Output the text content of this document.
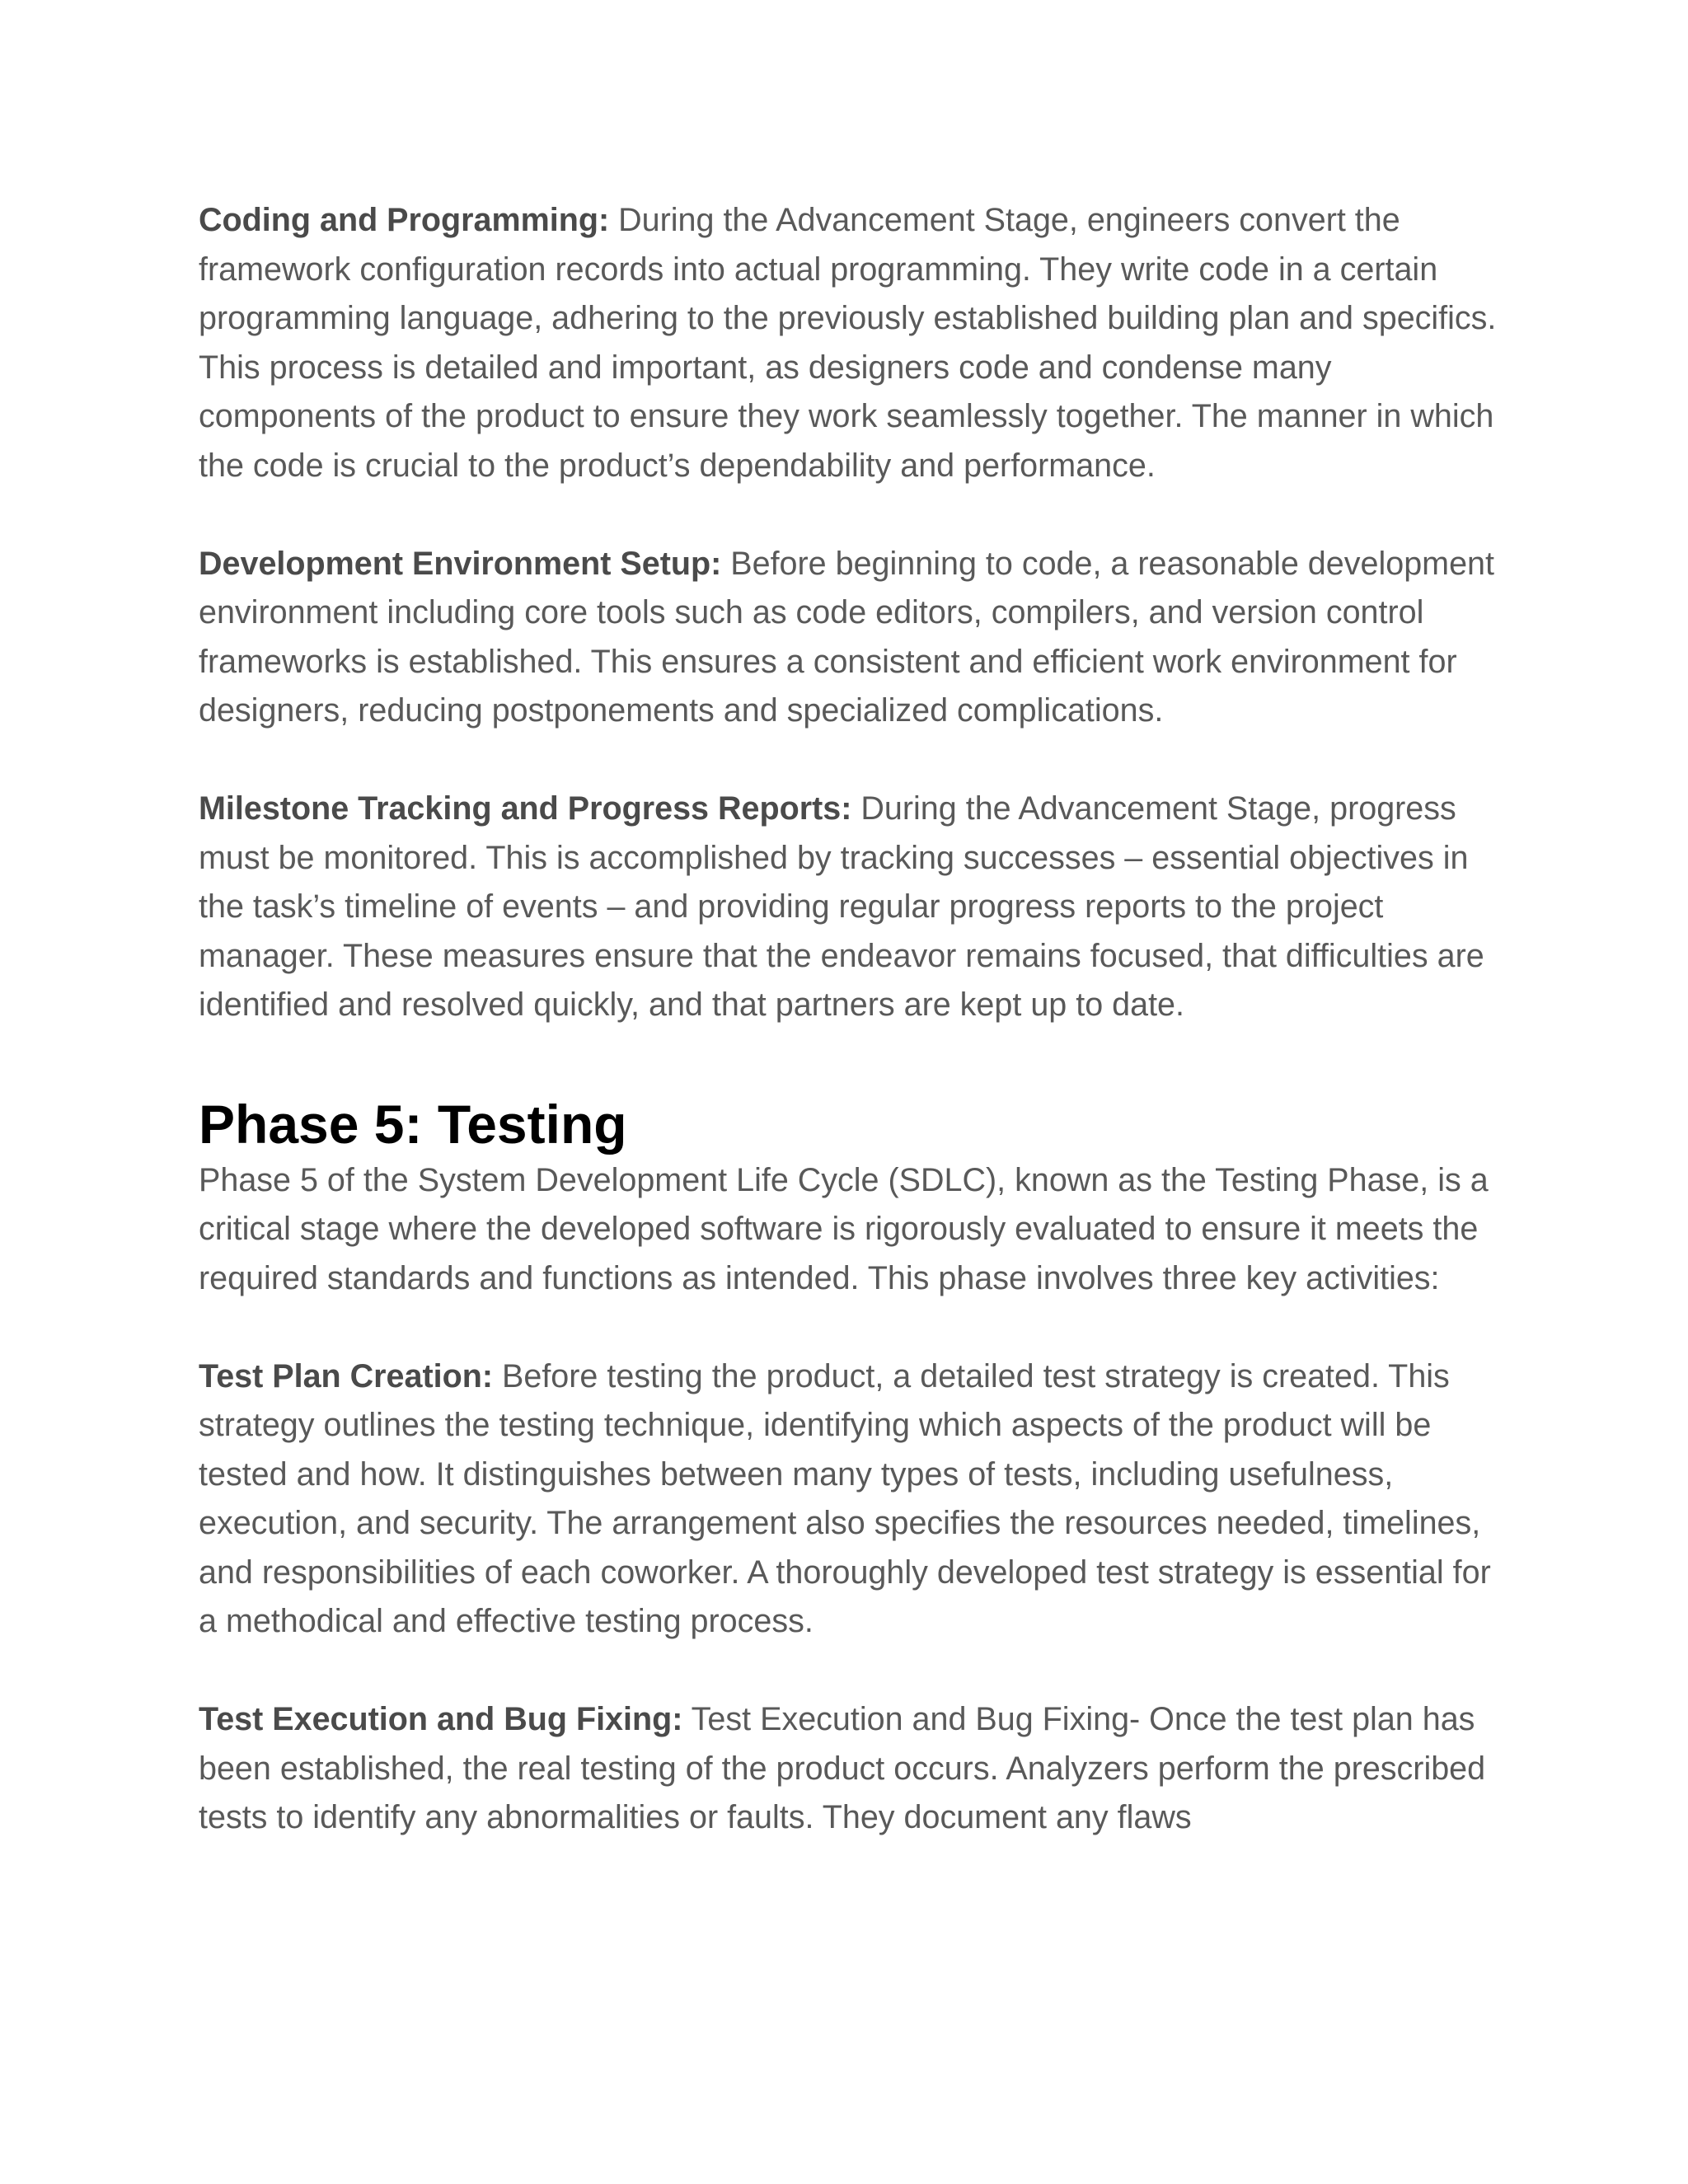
Coding and Programming: During the Advancement Stage, engineers convert the framework configuration records into actual programming. They write code in a certain programming language, adhering to the previously established building plan and specifics. This process is detailed and important, as designers code and condense many components of the product to ensure they work seamlessly together. The manner in which the code is crucial to the product’s dependability and performance.

Development Environment Setup: Before beginning to code, a reasonable development environment including core tools such as code editors, compilers, and version control frameworks is established. This ensures a consistent and efficient work environment for designers, reducing postponements and specialized complications.

Milestone Tracking and Progress Reports: During the Advancement Stage, progress must be monitored. This is accomplished by tracking successes – essential objectives in the task’s timeline of events – and providing regular progress reports to the project manager. These measures ensure that the endeavor remains focused, that difficulties are identified and resolved quickly, and that partners are kept up to date.

Phase 5: Testing

Phase 5 of the System Development Life Cycle (SDLC), known as the Testing Phase, is a critical stage where the developed software is rigorously evaluated to ensure it meets the required standards and functions as intended. This phase involves three key activities:

Test Plan Creation: Before testing the product, a detailed test strategy is created. This strategy outlines the testing technique, identifying which aspects of the product will be tested and how. It distinguishes between many types of tests, including usefulness, execution, and security. The arrangement also specifies the resources needed, timelines, and responsibilities of each coworker. A thoroughly developed test strategy is essential for a methodical and effective testing process.

Test Execution and Bug Fixing: Test Execution and Bug Fixing- Once the test plan has been established, the real testing of the product occurs. Analyzers perform the prescribed tests to identify any abnormalities or faults. They document any flaws
